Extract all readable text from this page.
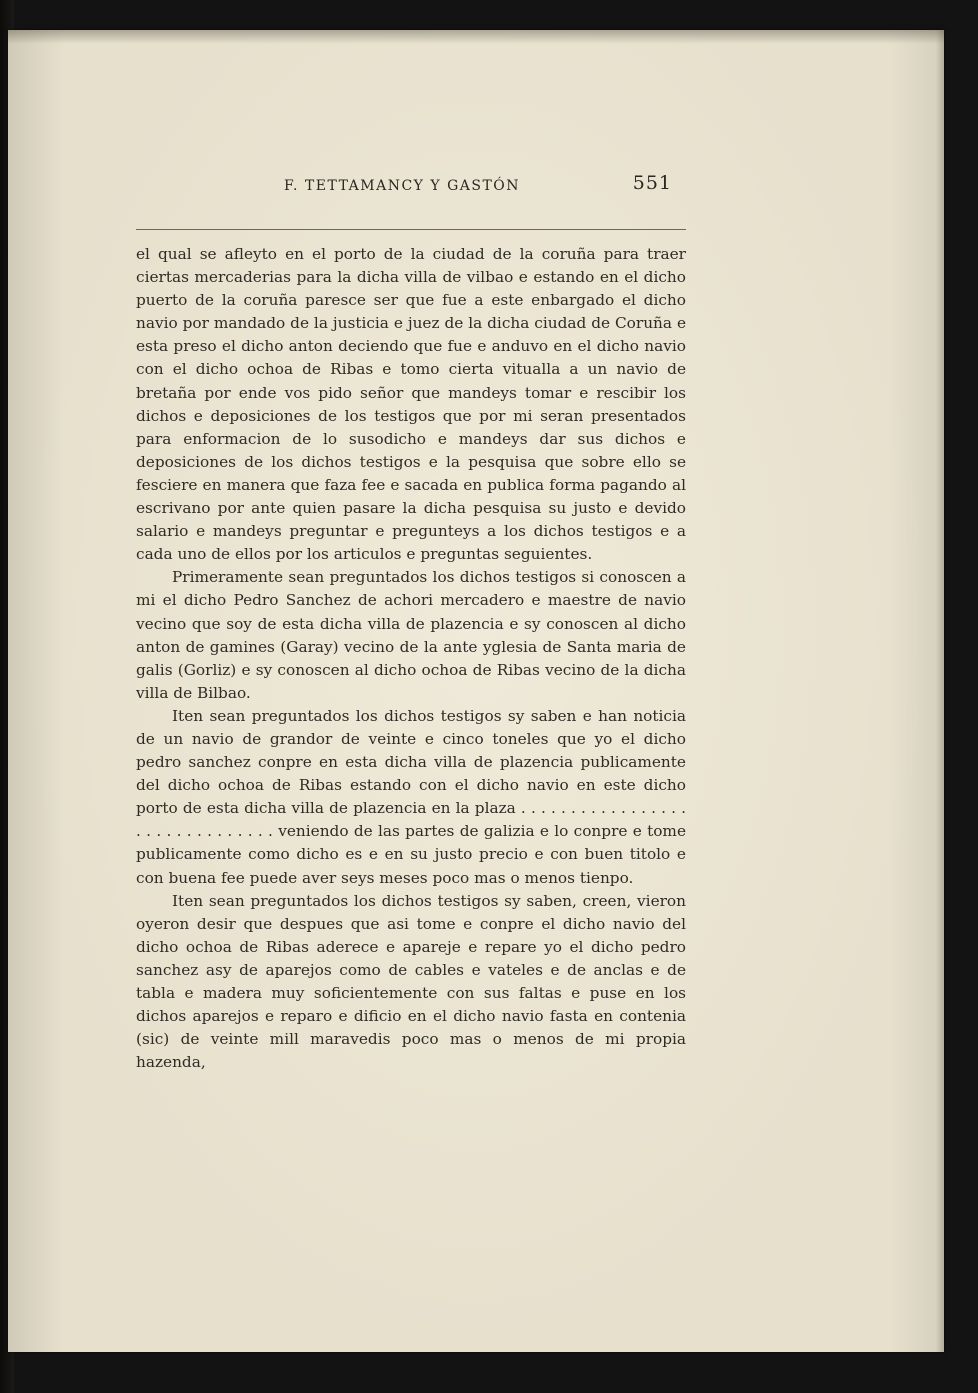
F. TETTAMANCY Y GASTÓN	551

el qual se afleyto en el porto de la ciudad de la coruña para traer ciertas mercaderias para la dicha villa de vilbao e estando en el dicho puerto de la coruña paresce ser que fue a este enbargado el dicho navio por mandado de la justicia e juez de la dicha ciudad de Coruña e esta preso el dicho anton deciendo que fue e anduvo en el dicho navio con el dicho ochoa de Ribas e tomo cierta vitualla a un navio de bretaña por ende vos pido señor que mandeys tomar e rescibir los dichos e deposiciones de los testigos que por mi seran presentados para enformacion de lo susodicho e mandeys dar sus dichos e deposiciones de los dichos testigos e la pesquisa que sobre ello se fesciere en manera que faza fee e sacada en publica forma pagando al escrivano por ante quien pasare la dicha pesquisa su justo e devido salario e mandeys preguntar e pregunteys a los dichos testigos e a cada uno de ellos por los articulos e preguntas seguientes.

Primeramente sean preguntados los dichos testigos si conoscen a mi el dicho Pedro Sanchez de achori mercadero e maestre de navio vecino que soy de esta dicha villa de plazencia e sy conoscen al dicho anton de gamines (Garay) vecino de la ante yglesia de Santa maria de galis (Gorliz) e sy conoscen al dicho ochoa de Ribas vecino de la dicha villa de Bilbao.

Iten sean preguntados los dichos testigos sy saben e han noticia de un navio de grandor de veinte e cinco toneles que yo el dicho pedro sanchez conpre en esta dicha villa de plazencia publicamente del dicho ochoa de Ribas estando con el dicho navio en este dicho porto de esta dicha villa de plazencia en la plaza . . . . . . . . . . . . . . . . . . . . . . . . . . . . . . . veniendo de las partes de galizia e lo conpre e tome publicamente como dicho es e en su justo precio e con buen titolo e con buena fee puede aver seys meses poco mas o menos tienpo.

Iten sean preguntados los dichos testigos sy saben, creen, vieron oyeron desir que despues que asi tome e conpre el dicho navio del dicho ochoa de Ribas aderece e apareje e repare yo el dicho pedro sanchez asy de aparejos como de cables e vateles e de anclas e de tabla e madera muy soficientemente con sus faltas e puse en los dichos aparejos e reparo e dificio en el dicho navio fasta en contenia (sic) de veinte mill maravedis poco mas o menos de mi propia hazenda,
